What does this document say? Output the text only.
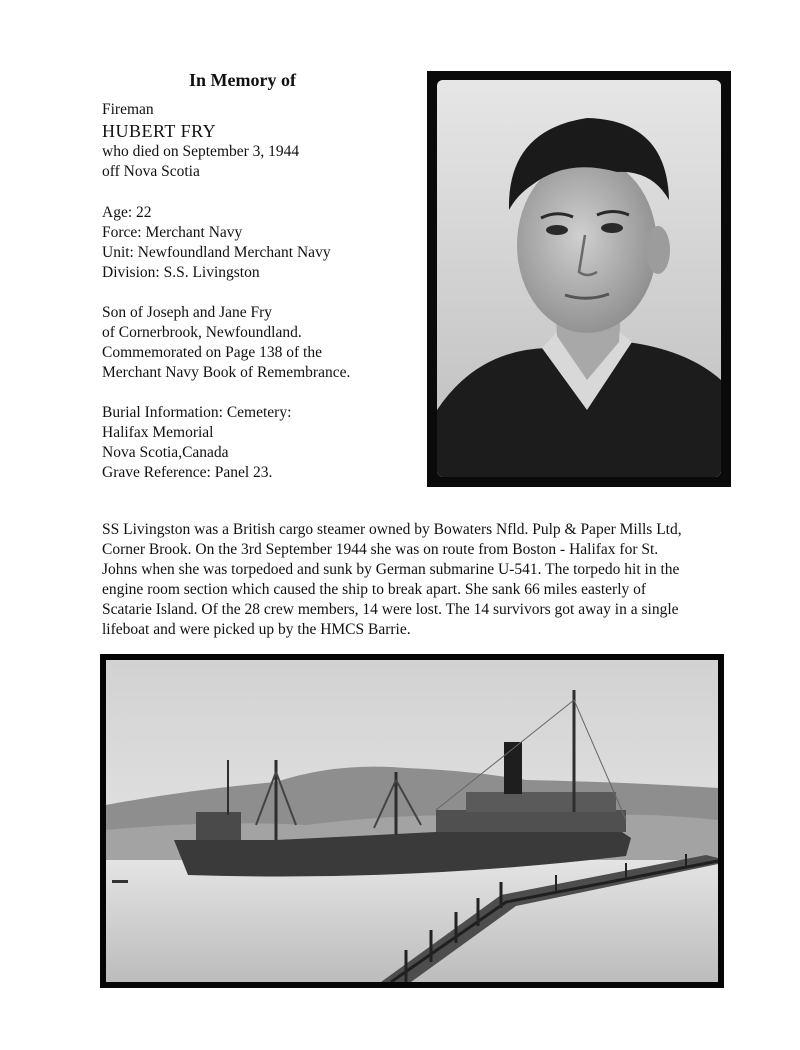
In Memory of
Fireman
HUBERT FRY
who died on September 3, 1944
off Nova Scotia
Age: 22
Force: Merchant Navy
Unit: Newfoundland Merchant Navy
Division: S.S. Livingston
Son of Joseph and Jane Fry
of Cornerbrook, Newfoundland.
Commemorated on Page 138 of the
Merchant Navy Book of Remembrance.
Burial Information: Cemetery:
Halifax Memorial
Nova Scotia,Canada
Grave Reference: Panel 23.
SS Livingston was a British cargo steamer owned by Bowaters Nfld. Pulp & Paper Mills Ltd,
Corner Brook. On the 3rd September 1944 she was on route from Boston - Halifax for St.
Johns when she was torpedoed and sunk by German submarine U-541. The torpedo hit in the
engine room section which caused the ship to break apart. She sank 66 miles easterly of
Scatarie Island. Of the 28 crew members, 14 were lost. The 14 survivors got away in a single
lifeboat and were picked up by the HMCS Barrie.
